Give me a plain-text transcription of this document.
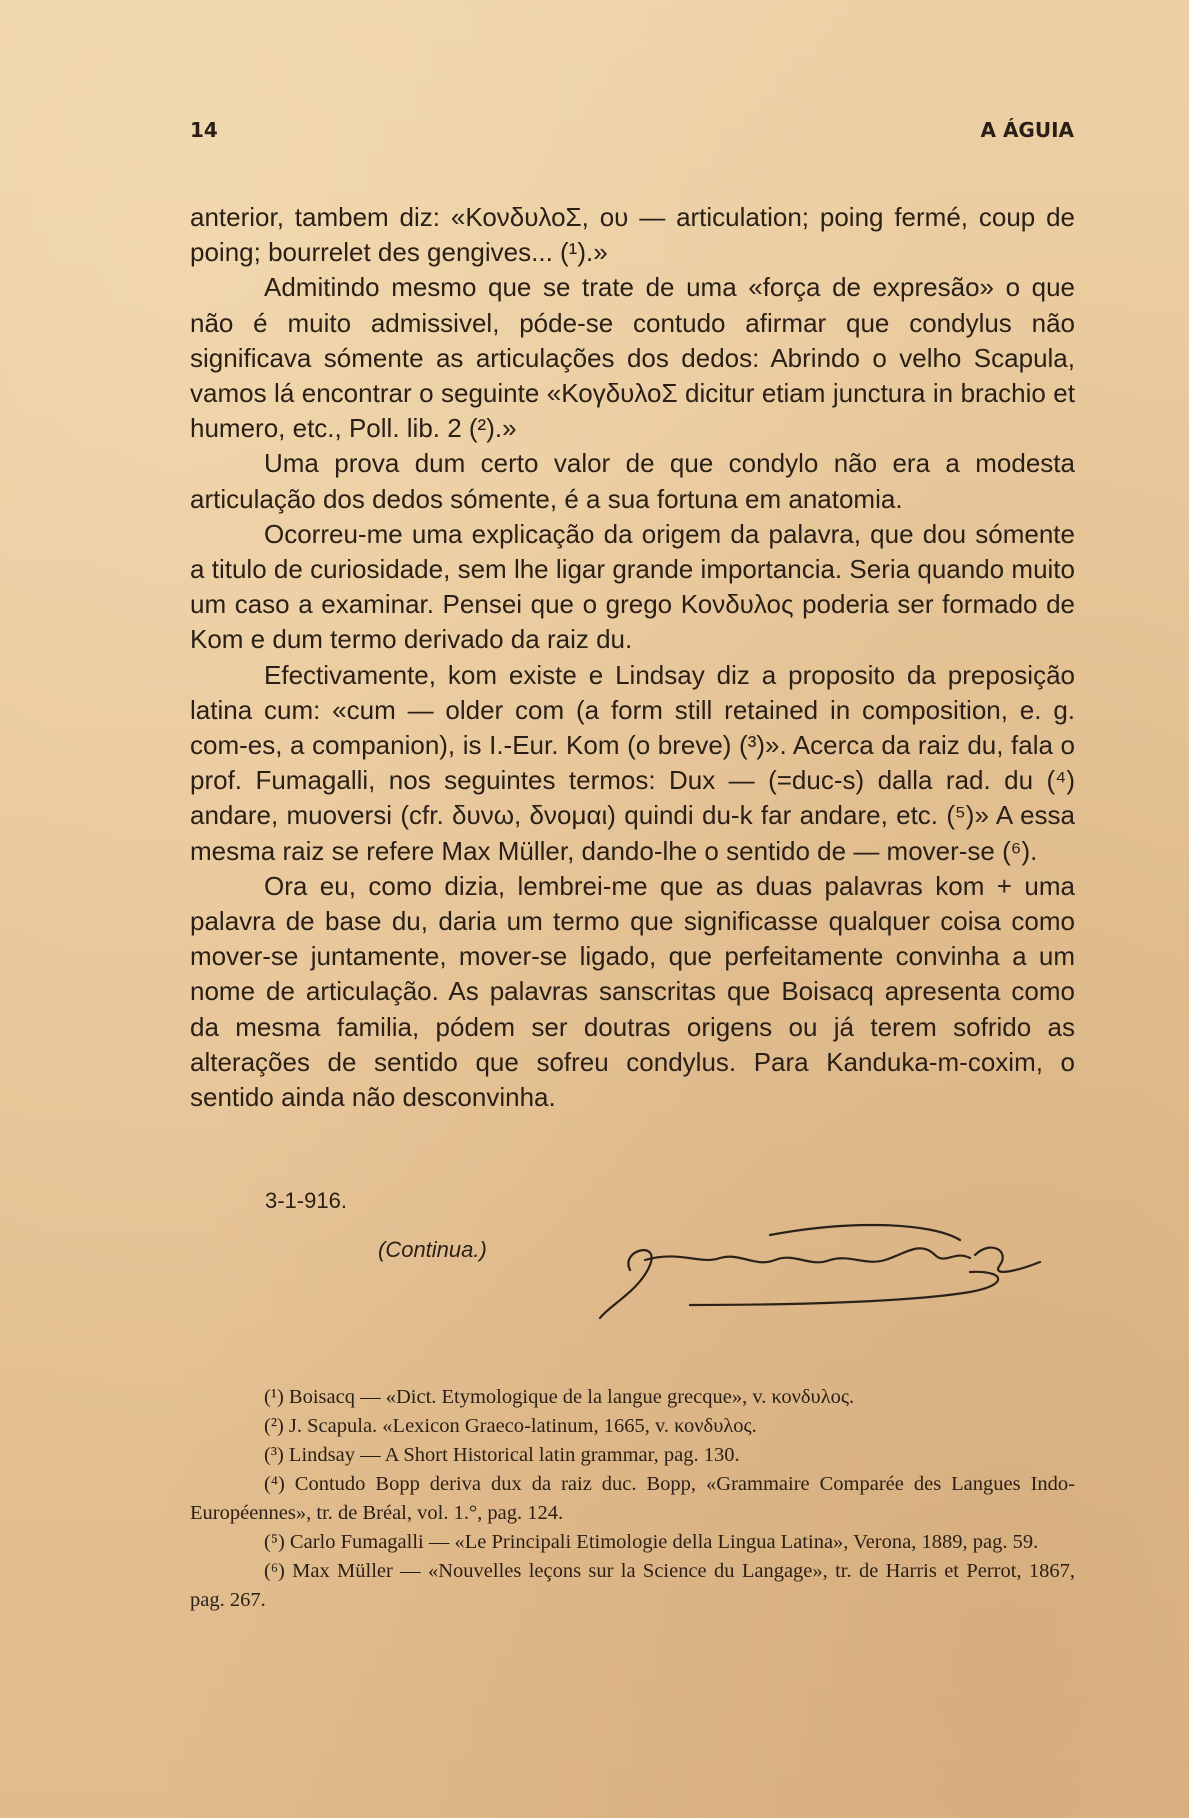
14	A ÁGUIA

anterior, tambem diz: «ΚονδυλοΣ, ου — articulation; poing fermé, coup de poing; bourrelet des gengives... (¹).»

Admitindo mesmo que se trate de uma «força de expresão» o que não é muito admissivel, póde-se contudo afirmar que condylus não significava sómente as articulações dos dedos: Abrindo o velho Scapula, vamos lá encontrar o seguinte «ΚογδυλοΣ dicitur etiam junctura in brachio et humero, etc., Poll. lib. 2 (²).»

Uma prova dum certo valor de que condylo não era a modesta articulação dos dedos sómente, é a sua fortuna em anatomia.

Ocorreu-me uma explicação da origem da palavra, que dou sómente a titulo de curiosidade, sem lhe ligar grande importancia. Seria quando muito um caso a examinar. Pensei que o grego Κονδυλος poderia ser formado de Kom e dum termo derivado da raiz du.

Efectivamente, kom existe e Lindsay diz a proposito da preposição latina cum: «cum — older com (a form still retained in composition, e. g. com-es, a companion), is I.-Eur. Kom (o breve) (³)». Acerca da raiz du, fala o prof. Fumagalli, nos seguintes termos: Dux — (=duc-s) dalla rad. du (⁴) andare, muoversi (cfr. δυνω, δνομαι) quindi du-k far andare, etc. (⁵)» A essa mesma raiz se refere Max Müller, dando-lhe o sentido de — mover-se (⁶).

Ora eu, como dizia, lembrei-me que as duas palavras kom + uma palavra de base du, daria um termo que significasse qualquer coisa como mover-se juntamente, mover-se ligado, que perfeitamente convinha a um nome de articulação. As palavras sanscritas que Boisacq apresenta como da mesma familia, pódem ser doutras origens ou já terem sofrido as alterações de sentido que sofreu condylus. Para Kanduka-m-coxim, o sentido ainda não desconvinha.

3-1-916.
(Continua.)

(¹) Boisacq — «Dict. Etymologique de la langue grecque», v. κονδυλος.

(²) J. Scapula. «Lexicon Graeco-latinum, 1665, v. κονδυλος.

(³) Lindsay — A Short Historical latin grammar, pag. 130.

(⁴) Contudo Bopp deriva dux da raiz duc. Bopp, «Grammaire Comparée des Langues Indo-Européennes», tr. de Bréal, vol. 1.°, pag. 124.

(⁵) Carlo Fumagalli — «Le Principali Etimologie della Lingua Latina», Verona, 1889, pag. 59.

(⁶) Max Müller — «Nouvelles leçons sur la Science du Langage», tr. de Harris et Perrot, 1867, pag. 267.
